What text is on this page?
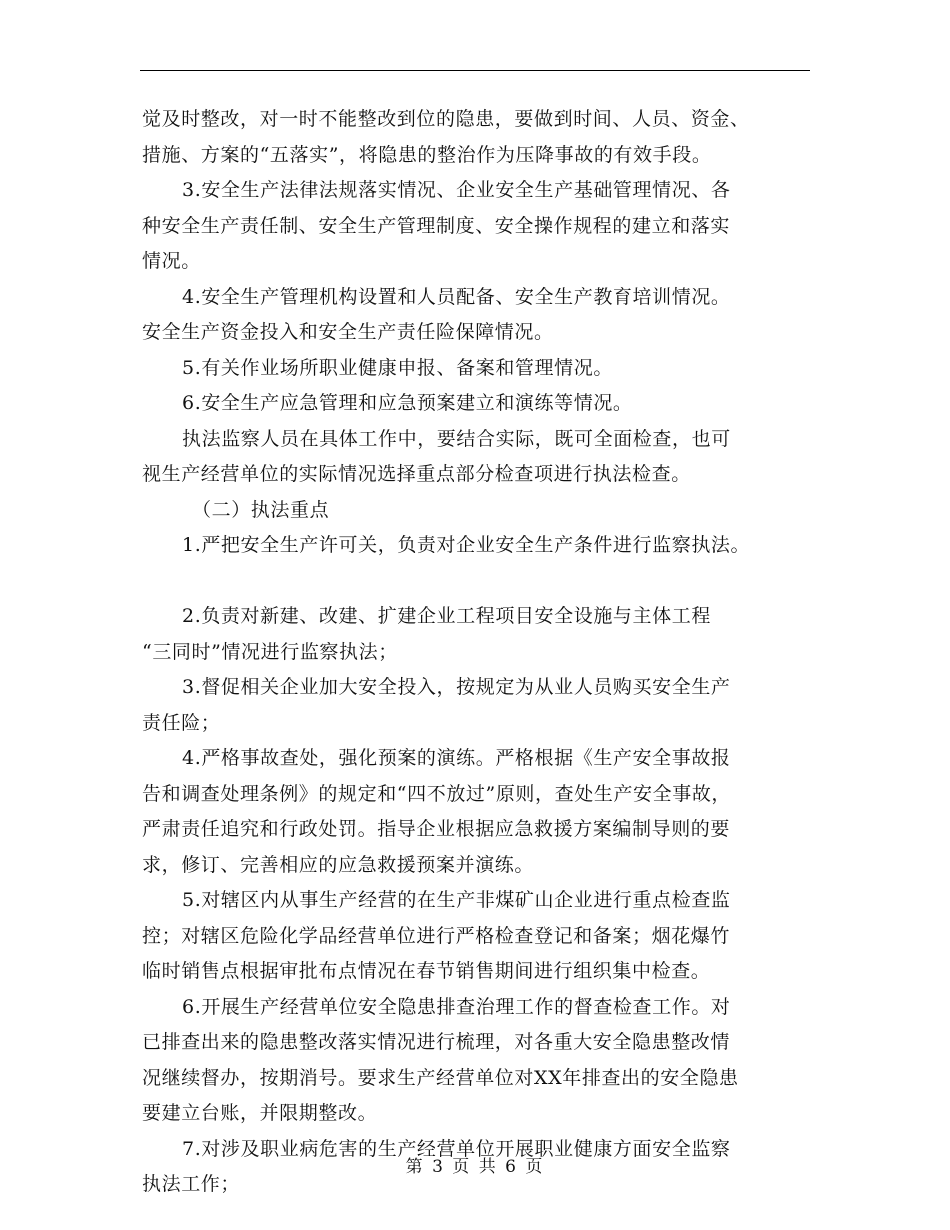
觉及时整改，对一时不能整改到位的隐患，要做到时间、人员、资金、
措施、方案的“五落实”，将隐患的整治作为压降事故的有效手段。
3.安全生产法律法规落实情况、企业安全生产基础管理情况、各
种安全生产责任制、安全生产管理制度、安全操作规程的建立和落实
情况。
4.安全生产管理机构设置和人员配备、安全生产教育培训情况。
安全生产资金投入和安全生产责任险保障情况。
5.有关作业场所职业健康申报、备案和管理情况。
6.安全生产应急管理和应急预案建立和演练等情况。
执法监察人员在具体工作中，要结合实际，既可全面检查，也可
视生产经营单位的实际情况选择重点部分检查项进行执法检查。
（二）执法重点
1.严把安全生产许可关，负责对企业安全生产条件进行监察执法。
2.负责对新建、改建、扩建企业工程项目安全设施与主体工程
“三同时”情况进行监察执法；
3.督促相关企业加大安全投入，按规定为从业人员购买安全生产
责任险；
4.严格事故查处，强化预案的演练。严格根据《生产安全事故报
告和调查处理条例》的规定和“四不放过”原则，查处生产安全事故，
严肃责任追究和行政处罚。指导企业根据应急救援方案编制导则的要
求，修订、完善相应的应急救援预案并演练。
5.对辖区内从事生产经营的在生产非煤矿山企业进行重点检查监
控；对辖区危险化学品经营单位进行严格检查登记和备案；烟花爆竹
临时销售点根据审批布点情况在春节销售期间进行组织集中检查。
6.开展生产经营单位安全隐患排查治理工作的督查检查工作。对
已排查出来的隐患整改落实情况进行梳理，对各重大安全隐患整改情
况继续督办，按期消号。要求生产经营单位对XX年排查出的安全隐患
要建立台账，并限期整改。
7.对涉及职业病危害的生产经营单位开展职业健康方面安全监察
执法工作；
第 3 页 共 6 页
